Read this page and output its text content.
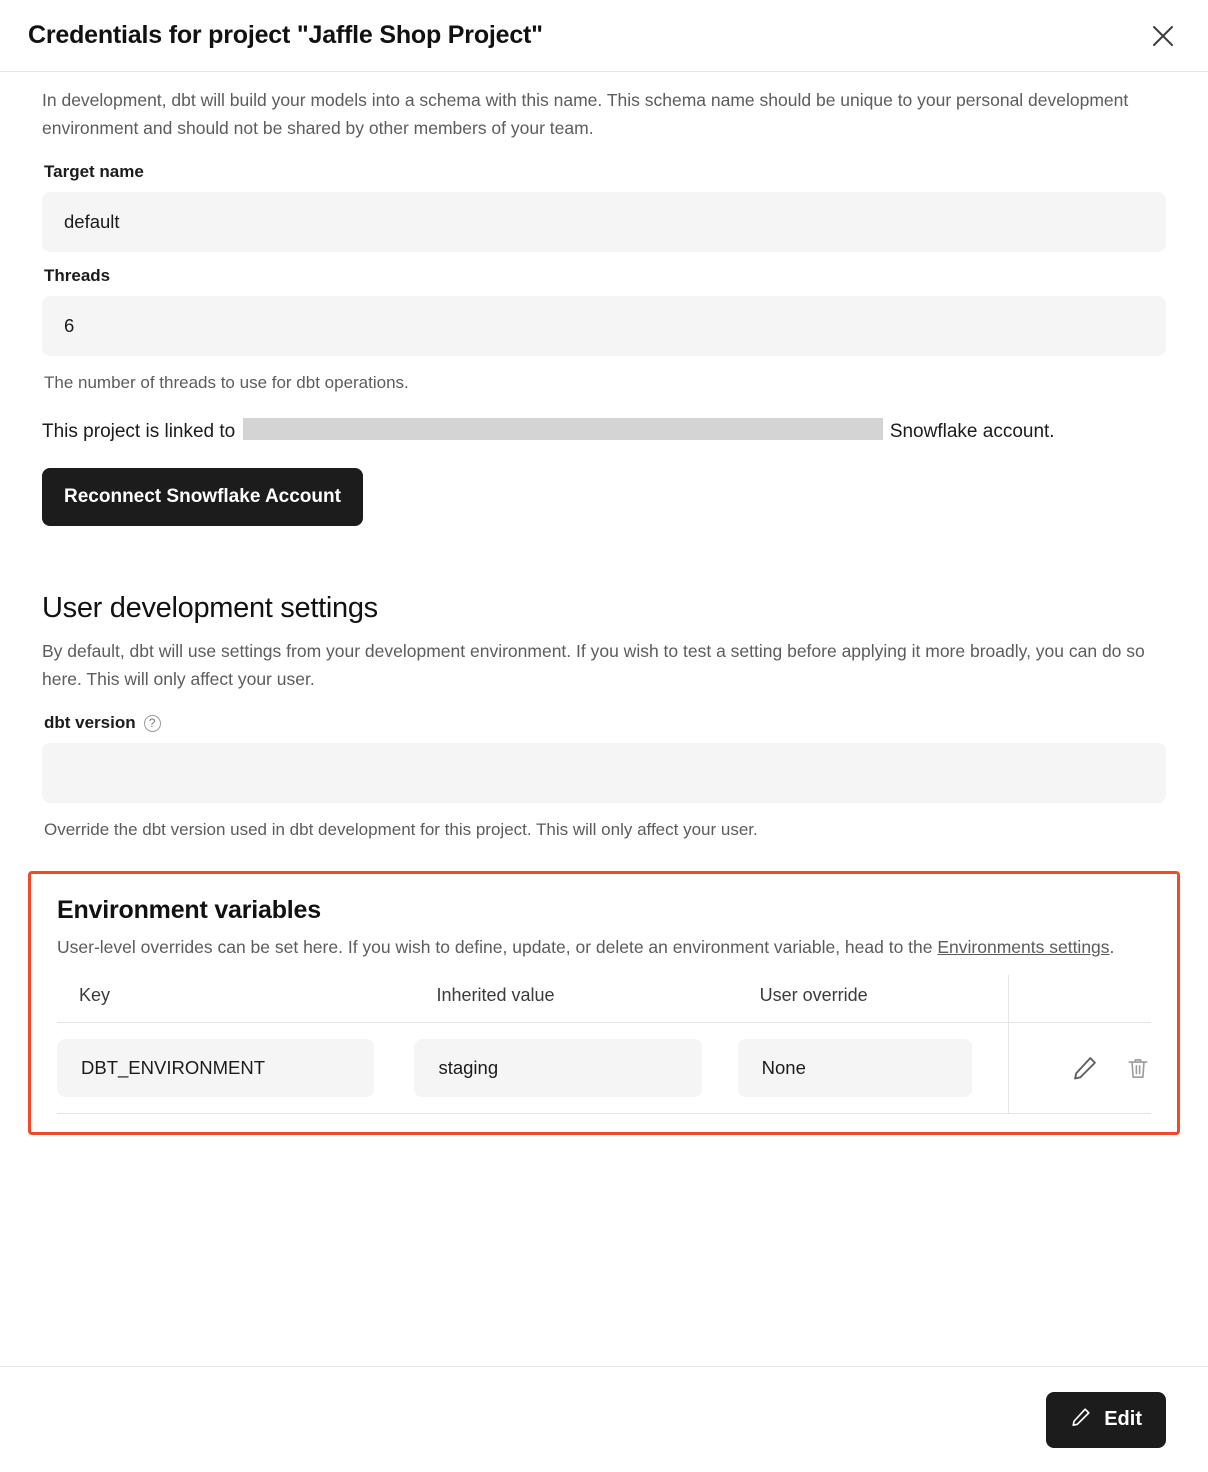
Credentials for project "Jaffle Shop Project"

In development, dbt will build your models into a schema with this name. This schema name should be unique to your personal development environment and should not be shared by other members of your team.

Target name
default
Threads
6
The number of threads to use for dbt operations.
This project is linked to	Snowflake account.
Reconnect Snowflake Account
User development settings

By default, dbt will use settings from your development environment. If you wish to test a setting before applying it more broadly, you can do so here. This will only affect your user.

dbt version	?
Override the dbt version used in dbt development for this project. This will only affect your user.
Environment variables

User-level overrides can be set here. If you wish to define, update, or delete an environment variable, head to the Environments settings.

Key	Inherited value	User override	

DBT_ENVIRONMENT	staging	None

Edit
